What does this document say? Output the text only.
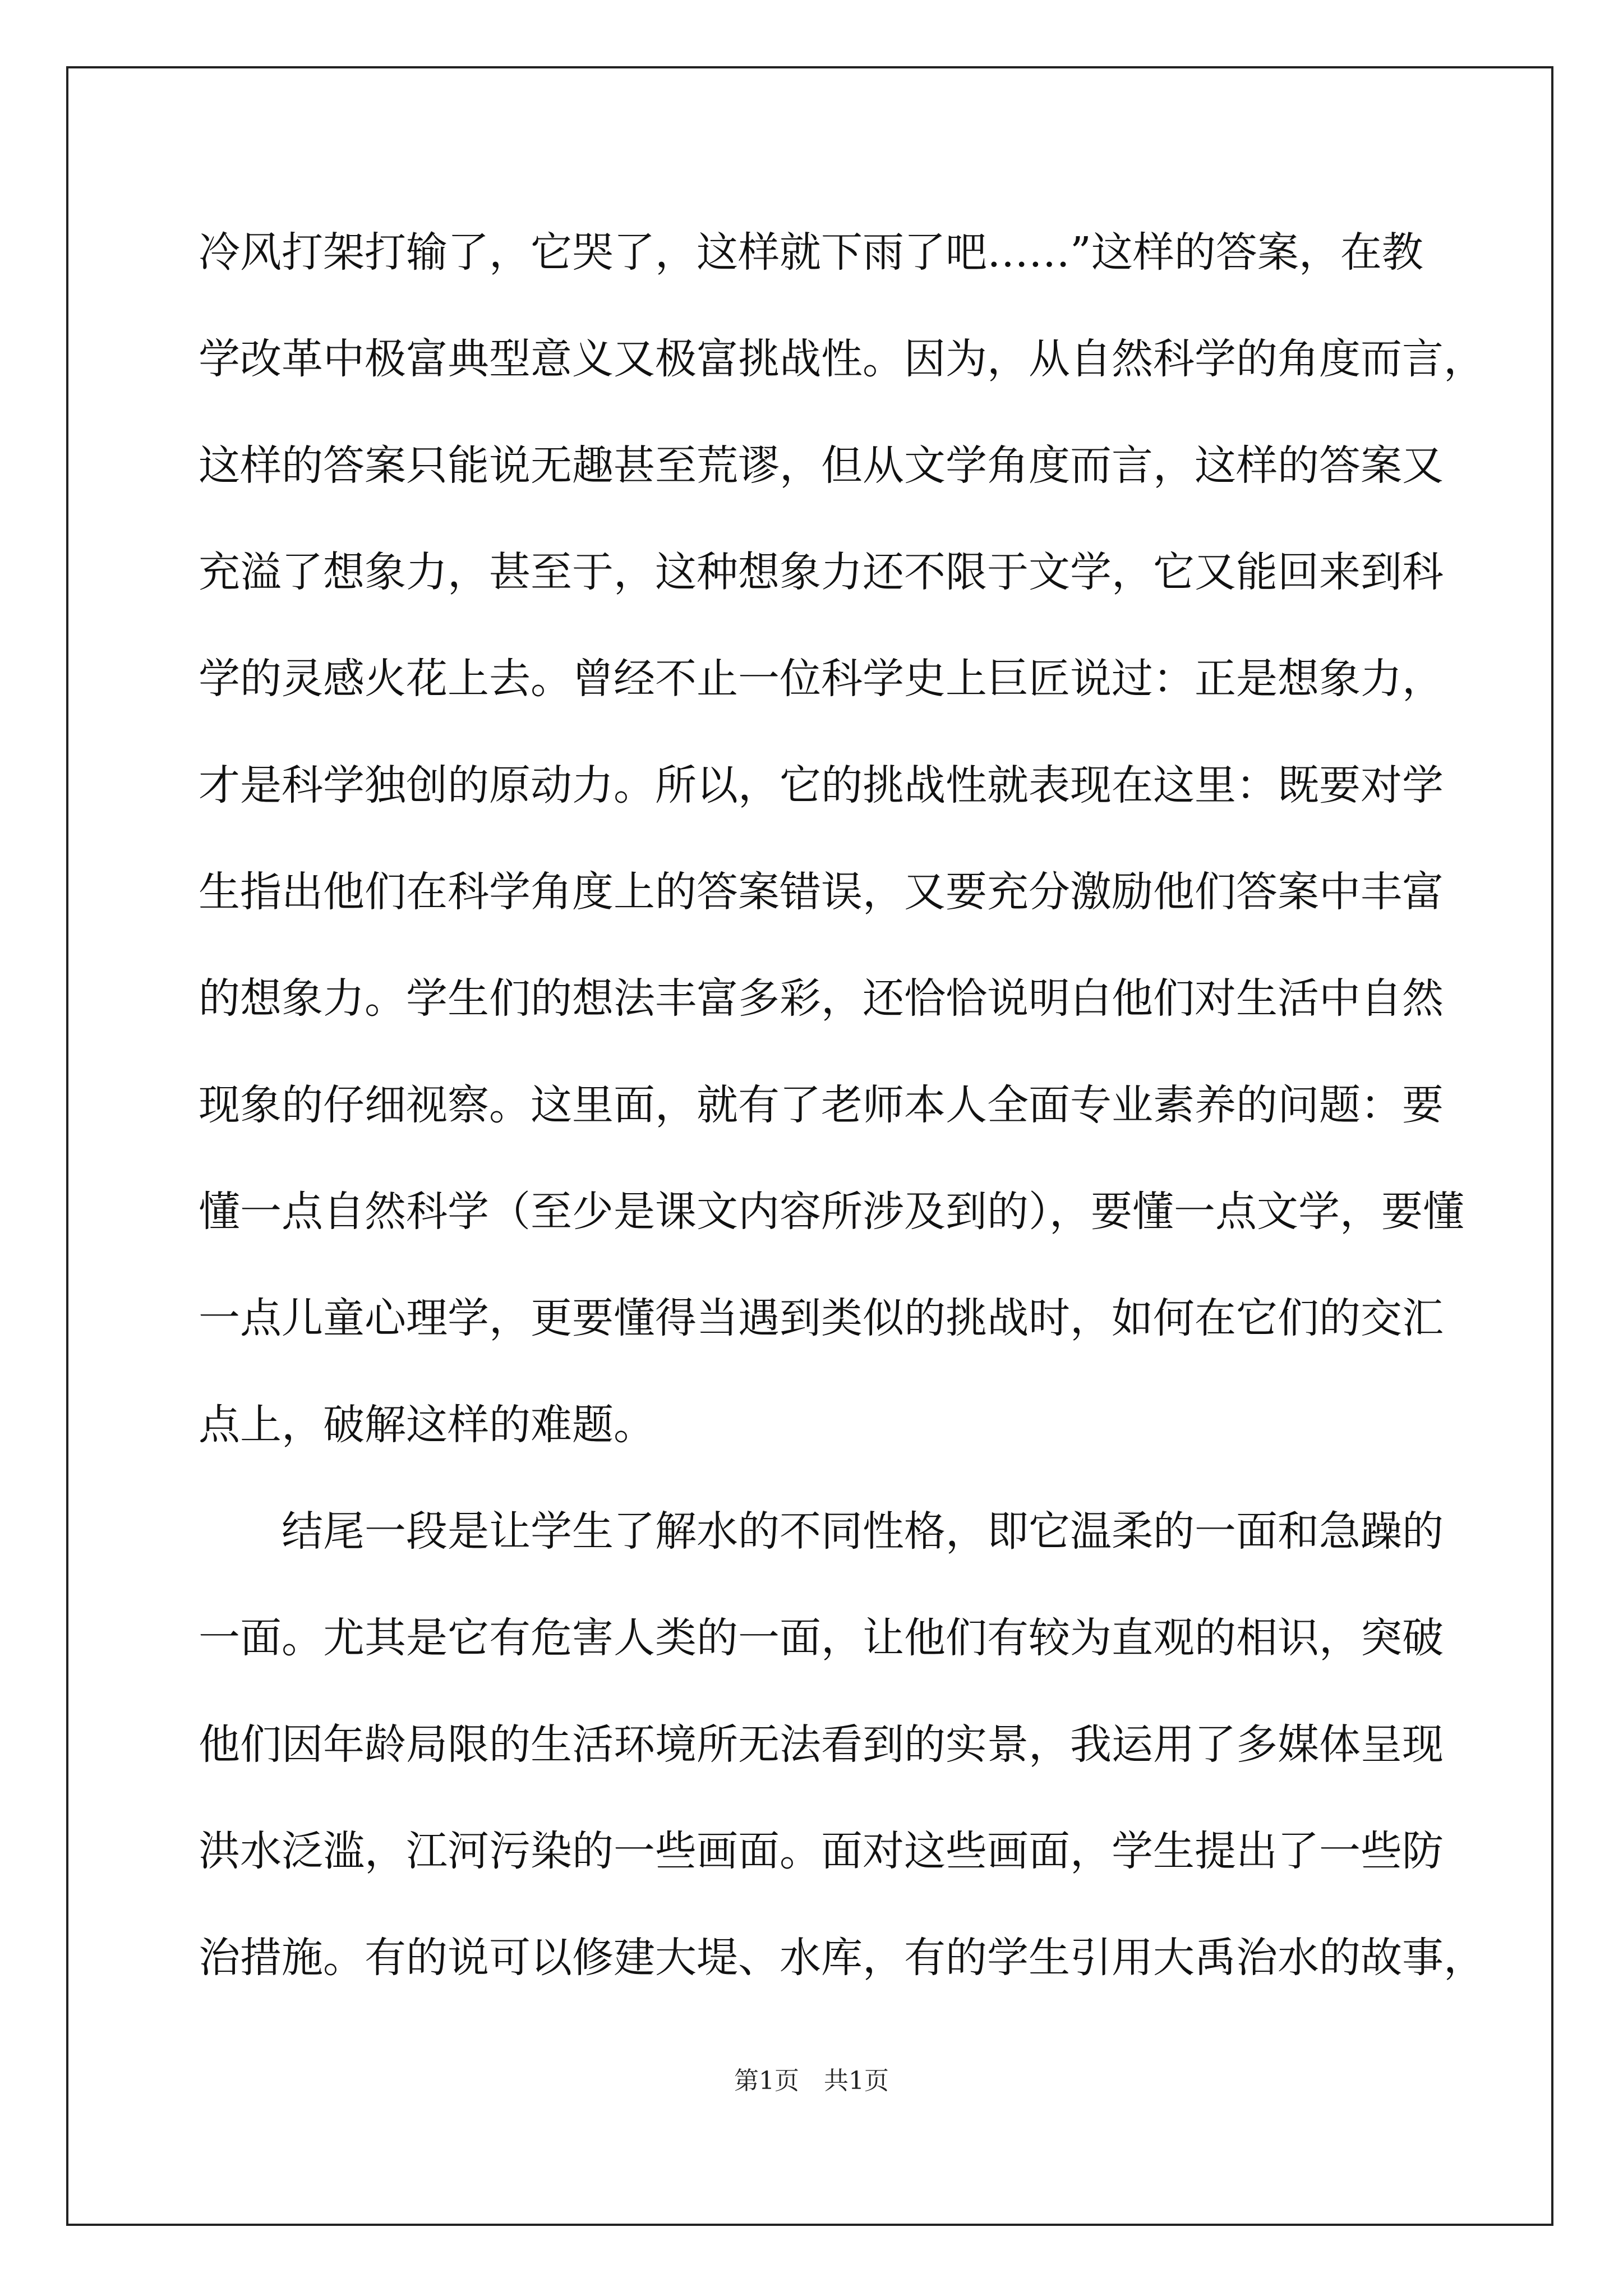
冷风打架打输了，它哭了，这样就下雨了吧……”这样的答案，在教
学改革中极富典型意义又极富挑战性。因为，从自然科学的角度而言，
这样的答案只能说无趣甚至荒谬，但从文学角度而言，这样的答案又
充溢了想象力，甚至于，这种想象力还不限于文学，它又能回来到科
学的灵感火花上去。曾经不止一位科学史上巨匠说过：正是想象力，
才是科学独创的原动力。所以，它的挑战性就表现在这里：既要对学
生指出他们在科学角度上的答案错误，又要充分激励他们答案中丰富
的想象力。学生们的想法丰富多彩，还恰恰说明白他们对生活中自然
现象的仔细视察。这里面，就有了老师本人全面专业素养的问题：要
懂一点自然科学（至少是课文内容所涉及到的），要懂一点文学，要懂
一点儿童心理学，更要懂得当遇到类似的挑战时，如何在它们的交汇
点上，破解这样的难题。
　　结尾一段是让学生了解水的不同性格，即它温柔的一面和急躁的
一面。尤其是它有危害人类的一面，让他们有较为直观的相识，突破
他们因年龄局限的生活环境所无法看到的实景，我运用了多媒体呈现
洪水泛滥，江河污染的一些画面。面对这些画面，学生提出了一些防
治措施。有的说可以修建大堤、水库，有的学生引用大禹治水的故事，
第1页　共1页
